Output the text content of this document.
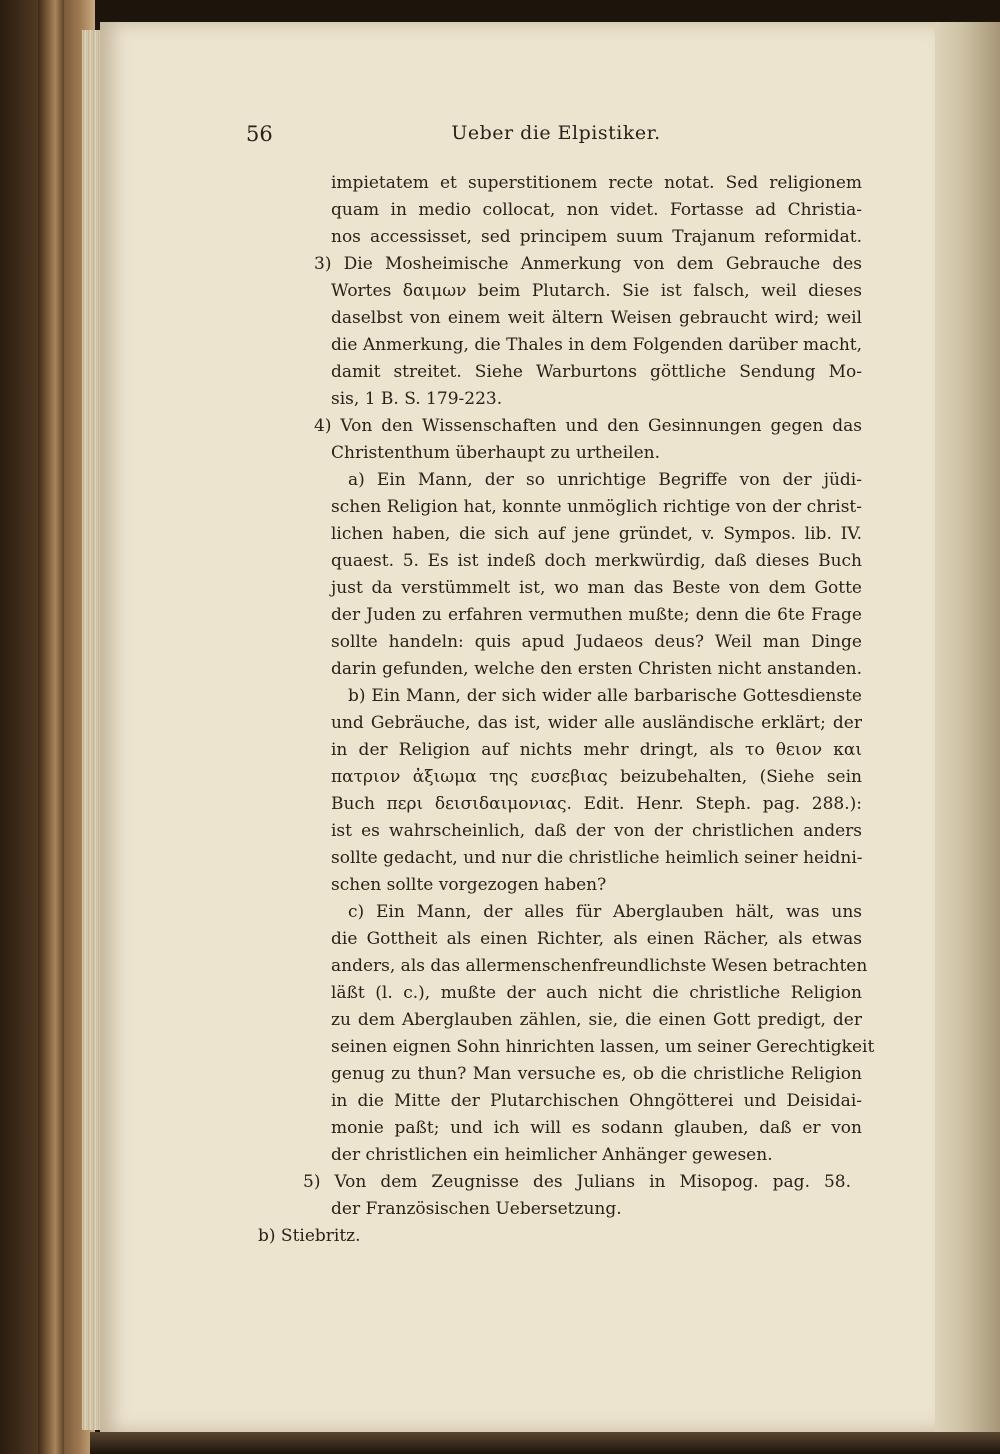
56	Ueber die Elpistiker.
impietatem et superstitionem recte notat. Sed religionem
quam in medio collocat, non videt. Fortasse ad Christia-
nos accessisset, sed principem suum Trajanum reformidat.
3) Die Mosheimische Anmerkung von dem Gebrauche des
Wortes δαιμων beim Plutarch. Sie ist falsch, weil dieses
daselbst von einem weit ältern Weisen gebraucht wird; weil
die Anmerkung, die Thales in dem Folgenden darüber macht,
damit streitet. Siehe Warburtons göttliche Sendung Mo-
sis, 1 B. S. 179-223.
4) Von den Wissenschaften und den Gesinnungen gegen das
Christenthum überhaupt zu urtheilen.
a) Ein Mann, der so unrichtige Begriffe von der jüdi-
schen Religion hat, konnte unmöglich richtige von der christ-
lichen haben, die sich auf jene gründet, v. Sympos. lib. IV.
quaest. 5. Es ist indeß doch merkwürdig, daß dieses Buch
just da verstümmelt ist, wo man das Beste von dem Gotte
der Juden zu erfahren vermuthen mußte; denn die 6te Frage
sollte handeln: quis apud Judaeos deus? Weil man Dinge
darin gefunden, welche den ersten Christen nicht anstanden.
b) Ein Mann, der sich wider alle barbarische Gottesdienste
und Gebräuche, das ist, wider alle ausländische erklärt; der
in der Religion auf nichts mehr dringt, als το θειον και
πατριον ἀξιωμα της ευσεβιας beizubehalten, (Siehe sein
Buch περι δεισιδαιμονιας. Edit. Henr. Steph. pag. 288.):
ist es wahrscheinlich, daß der von der christlichen anders
sollte gedacht, und nur die christliche heimlich seiner heidni-
schen sollte vorgezogen haben?
c) Ein Mann, der alles für Aberglauben hält, was uns
die Gottheit als einen Richter, als einen Rächer, als etwas
anders, als das allermenschenfreundlichste Wesen betrachten
läßt (l. c.), mußte der auch nicht die christliche Religion
zu dem Aberglauben zählen, sie, die einen Gott predigt, der
seinen eignen Sohn hinrichten lassen, um seiner Gerechtigkeit
genug zu thun? Man versuche es, ob die christliche Religion
in die Mitte der Plutarchischen Ohngötterei und Deisidai-
monie paßt; und ich will es sodann glauben, daß er von
der christlichen ein heimlicher Anhänger gewesen.
5) Von dem Zeugnisse des Julians in Misopog. pag. 58.
der Französischen Uebersetzung.
b) Stiebritz.
